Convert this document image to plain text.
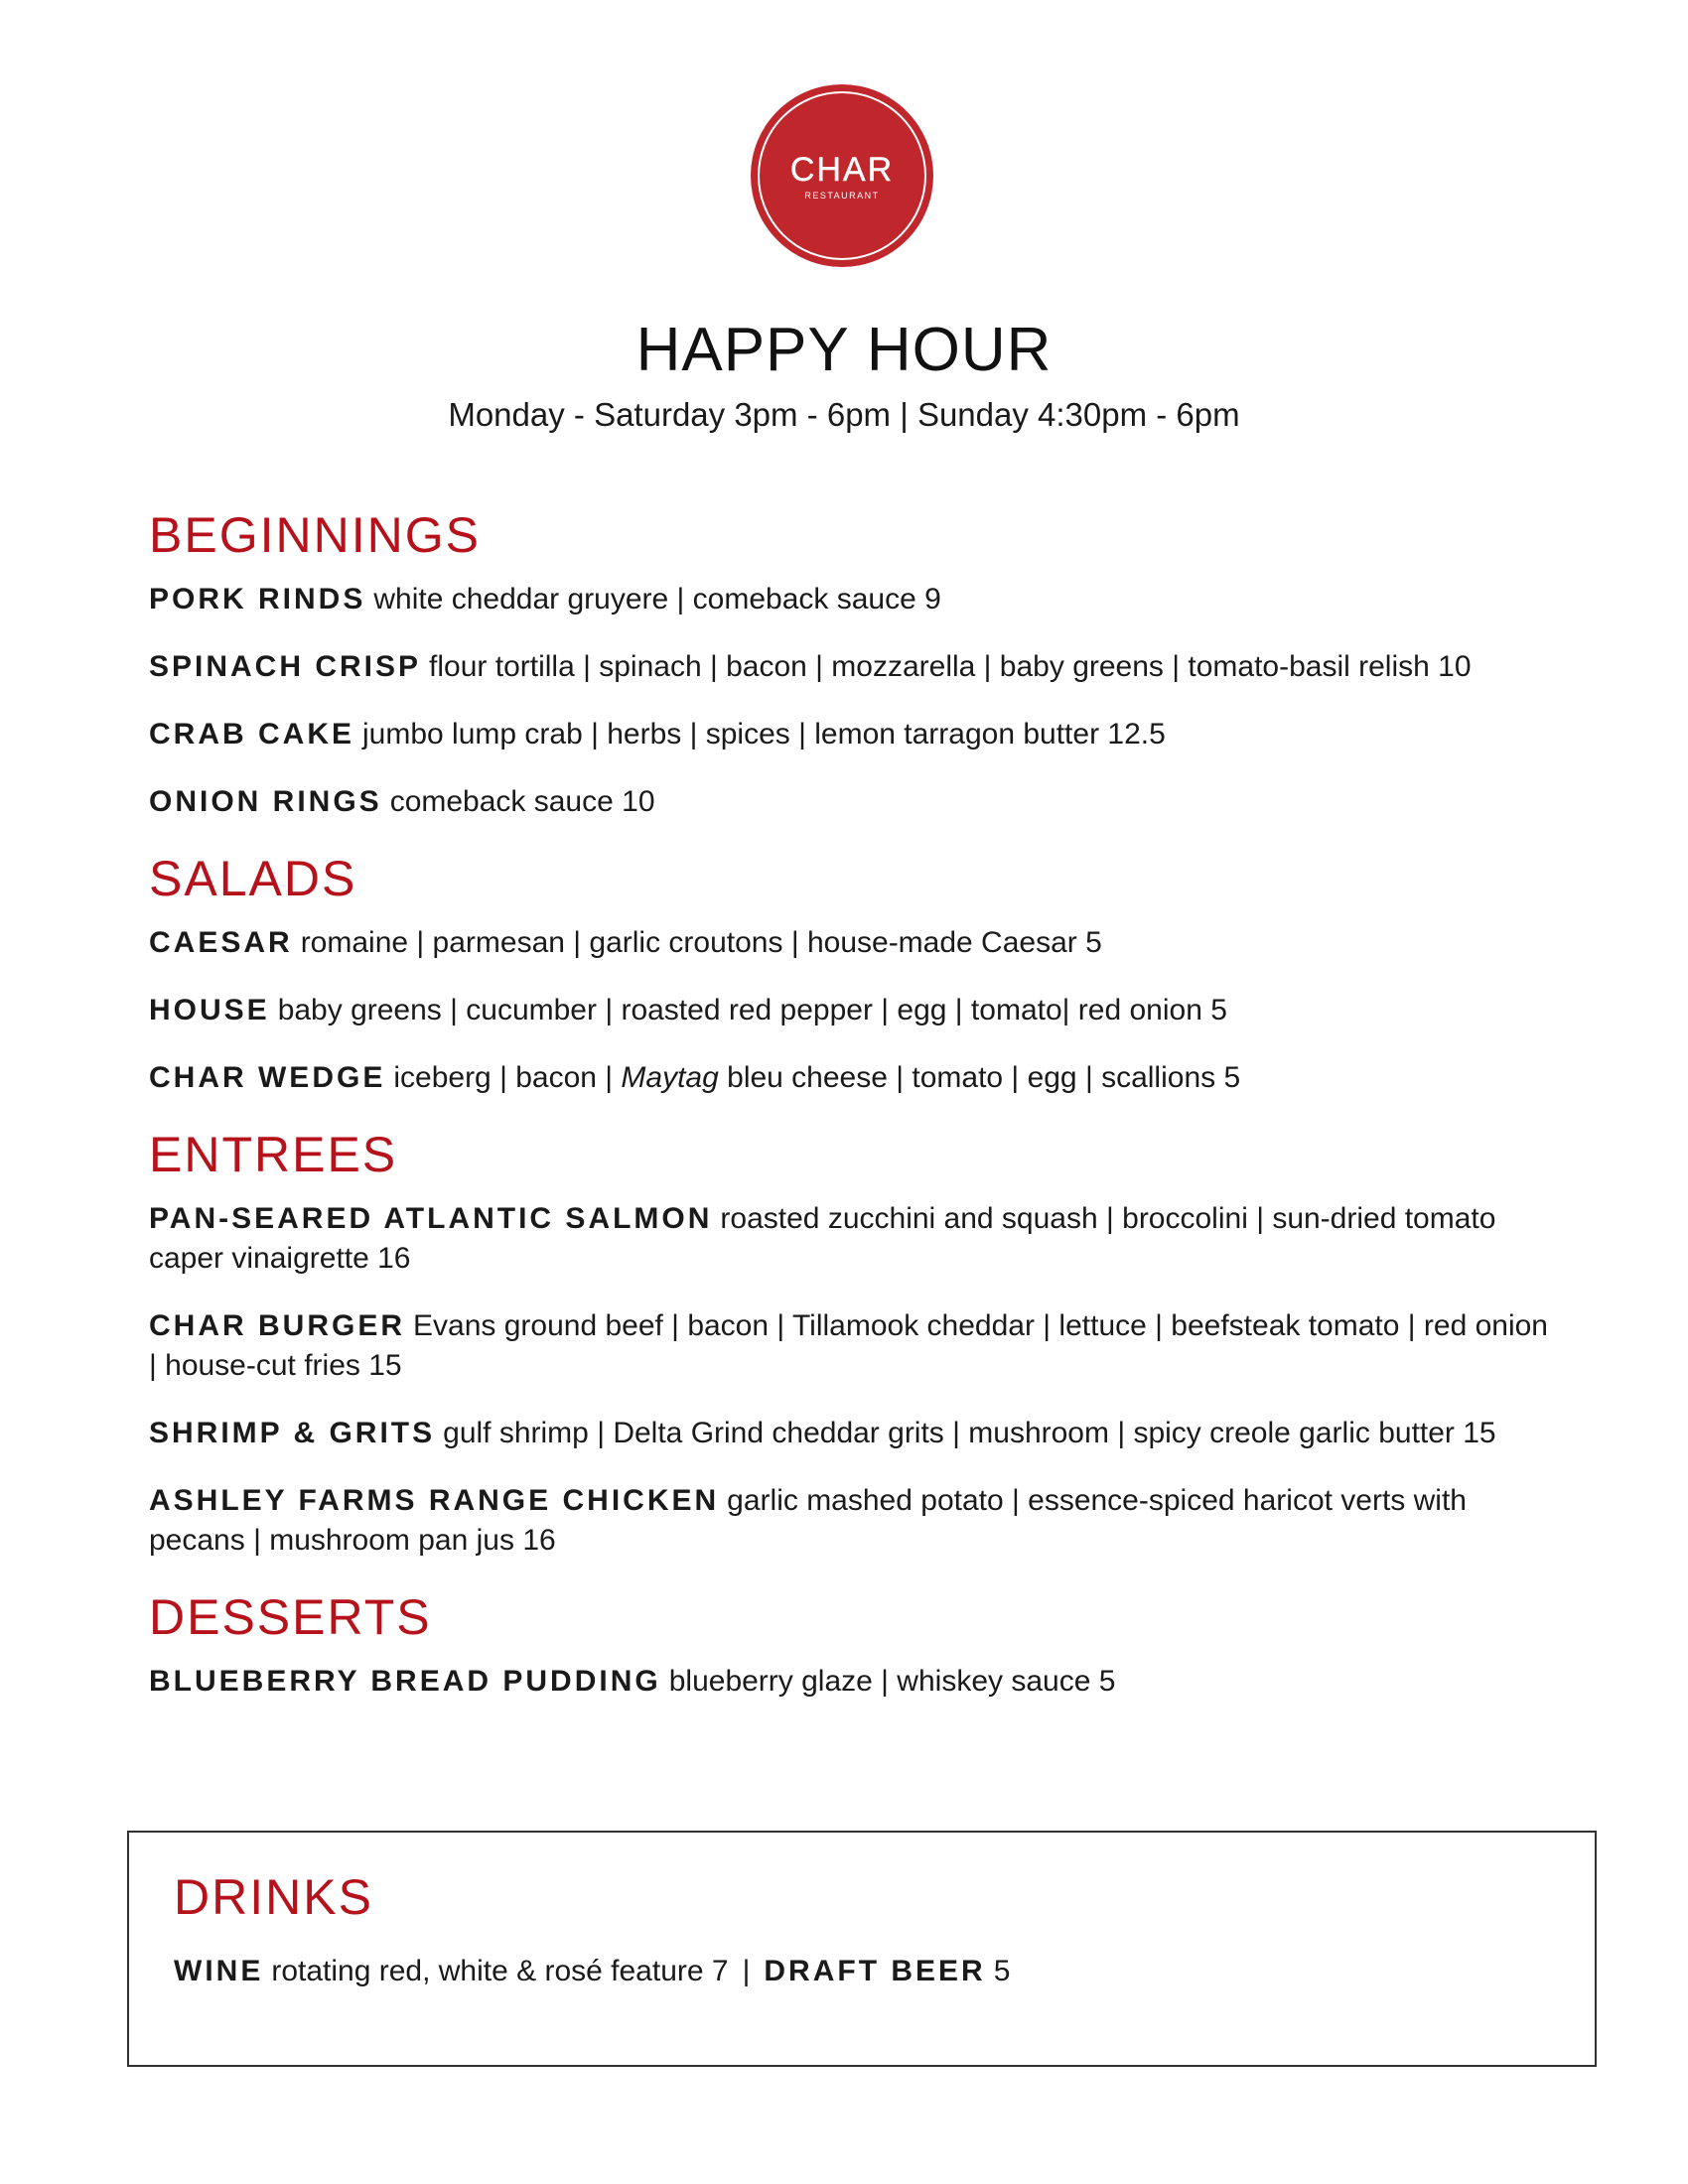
CHAR
RESTAURANT
HAPPY HOUR
Monday - Saturday 3pm - 6pm | Sunday 4:30pm - 6pm
BEGINNINGS
PORK RINDS white cheddar gruyere | comeback sauce 9
SPINACH CRISP flour tortilla | spinach | bacon | mozzarella | baby greens | tomato-basil relish 10
CRAB CAKE jumbo lump crab | herbs | spices | lemon tarragon butter 12.5
ONION RINGS comeback sauce 10
SALADS
CAESAR romaine | parmesan | garlic croutons | house-made Caesar 5
HOUSE baby greens | cucumber | roasted red pepper | egg | tomato| red onion 5
CHAR WEDGE iceberg | bacon | Maytag bleu cheese | tomato | egg | scallions 5
ENTREES
PAN-SEARED ATLANTIC SALMON roasted zucchini and squash | broccolini | sun-dried tomato caper vinaigrette 16
CHAR BURGER Evans ground beef | bacon | Tillamook cheddar | lettuce | beefsteak tomato | red onion | house-cut fries 15
SHRIMP & GRITS gulf shrimp | Delta Grind cheddar grits | mushroom | spicy creole garlic butter 15
ASHLEY FARMS RANGE CHICKEN garlic mashed potato | essence-spiced haricot verts with pecans | mushroom pan jus 16
DESSERTS
BLUEBERRY BREAD PUDDING blueberry glaze | whiskey sauce 5
DRINKS
WINE rotating red, white & rosé feature 7 | DRAFT BEER 5
